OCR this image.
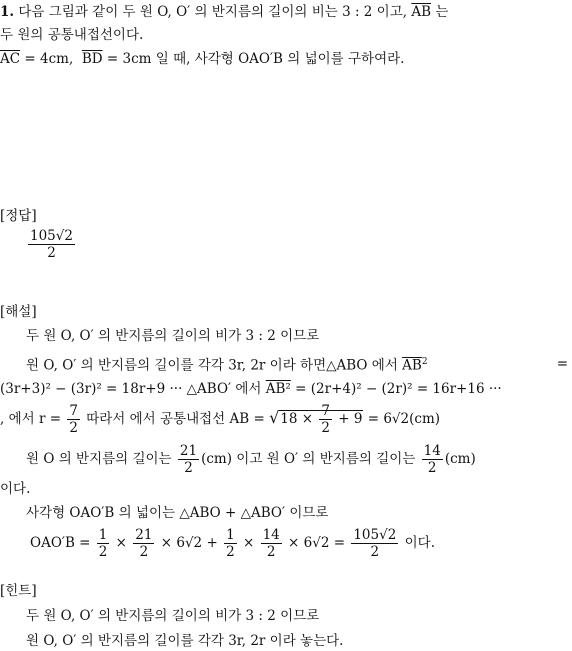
1. 다음 그림과 같이 두 원 O, O′ 의 반지름의 길이의 비는 3 : 2 이고, $\overline{AB}$ 는
두 원의 공통내접선이다.
$\overline{AC} = 4cm$, $\overline{BD} = 3cm$ 일 때, 사각형 OAO′B 의 넓이를 구하여라.
[정답]
$\frac{105√2}{2}$
[해설]
두 원 O, O′ 의 반지름의 길이의 비가 3 : 2 이므로
원 O, O′ 의 반지름의 길이를 각각 3r, 2r 이라 하면△ABO 에서 $\overline{AB}^2$	=
(3r+3)² − (3r)² = 18r+9 ··· △ABO′ 에서 AB² = (2r+4)² − (2r)² = 16r+16 ···
, 에서 $r = \frac{7}{2}$ 따라서 에서 공통내접선 AB = $√18 \times \frac{7}{2} + 9 = 6√2(cm)$
원 O 의 반지름의 길이는 $\frac{21}{2} (cm)$ 이고 원 O′ 의 반지름의 길이는 $\frac{14}{2} (cm)$
이다.
사각형 OAO′B 의 넓이는 △ABO + △ABO′ 이므로
$OAO'B = \frac{1}{2} \times \frac{21}{2} \times 6√2 + \frac{1}{2} \times \frac{14}{2} \times 6√2 = \frac{105√2}{2}$ 이다.
[힌트]
두 원 O, O′ 의 반지름의 길이의 비가 3 : 2 이므로
원 O, O′ 의 반지름의 길이를 각각 3r, 2r 이라 놓는다.
